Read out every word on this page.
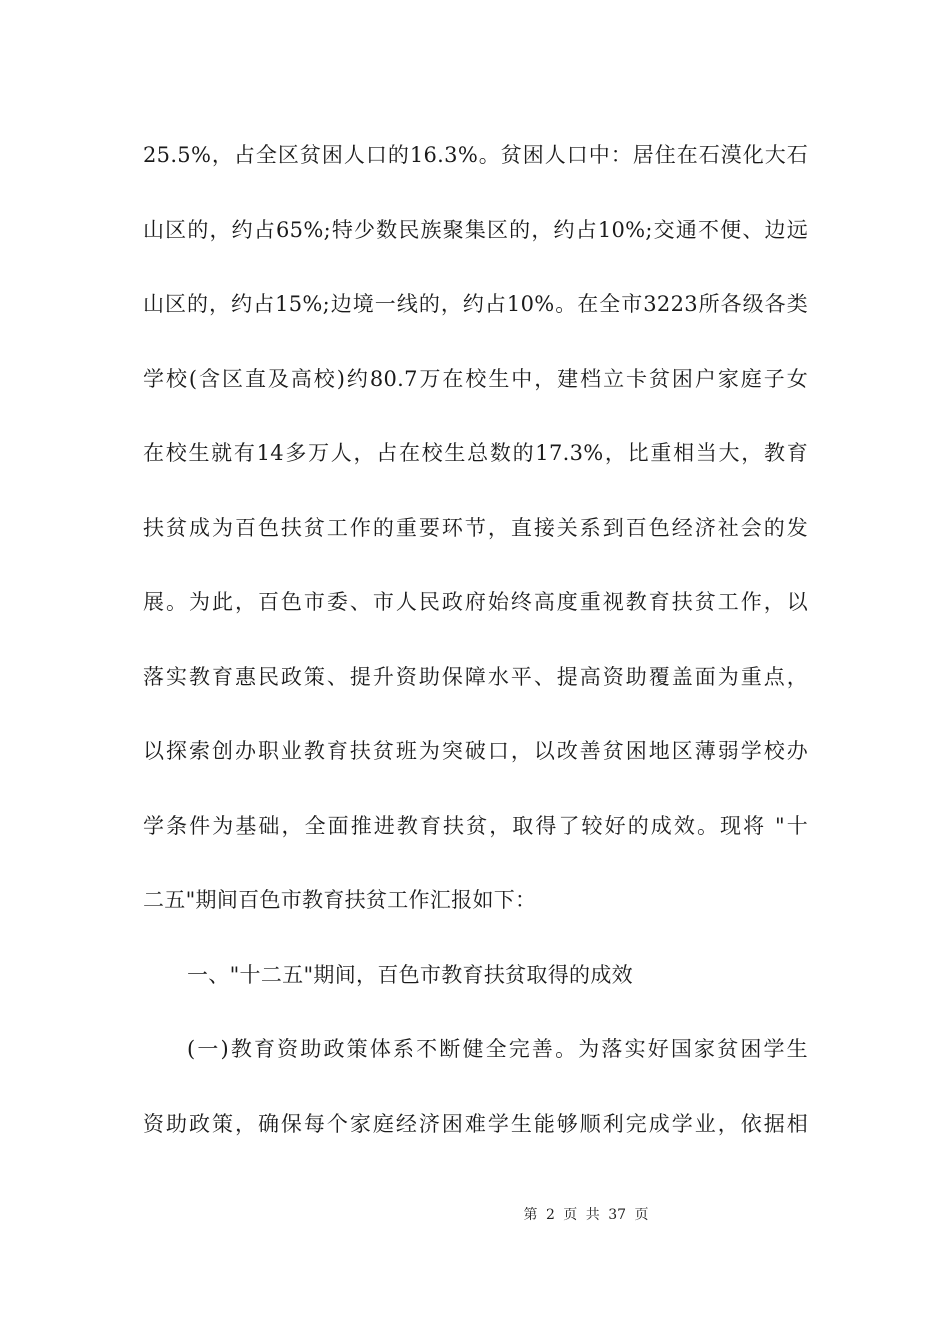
25.5%，占全区贫困人口的16.3%。贫困人口中：居住在石漠化大石
山区的，约占65%;特少数民族聚集区的，约占10%;交通不便、边远
山区的，约占15%;边境一线的，约占10%。在全市3223所各级各类
学校(含区直及高校)约80.7万在校生中，建档立卡贫困户家庭子女
在校生就有14多万人，占在校生总数的17.3%，比重相当大，教育
扶贫成为百色扶贫工作的重要环节，直接关系到百色经济社会的发
展。为此，百色市委、市人民政府始终高度重视教育扶贫工作，以
落实教育惠民政策、提升资助保障水平、提高资助覆盖面为重点，
以探索创办职业教育扶贫班为突破口，以改善贫困地区薄弱学校办
学条件为基础，全面推进教育扶贫，取得了较好的成效。现将 "十
二五"期间百色市教育扶贫工作汇报如下：
一、"十二五"期间，百色市教育扶贫取得的成效
(一)教育资助政策体系不断健全完善。为落实好国家贫困学生
资助政策，确保每个家庭经济困难学生能够顺利完成学业，依据相
第 2 页 共 37 页
